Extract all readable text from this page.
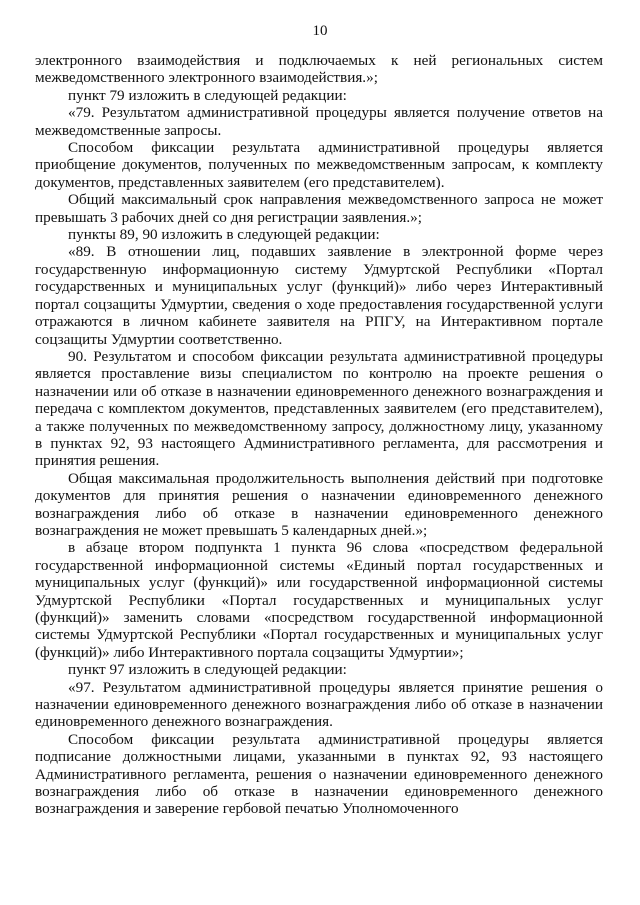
10

электронного взаимодействия и подключаемых к ней региональных систем межведомственного электронного взаимодействия.»;

пункт 79 изложить в следующей редакции:

«79. Результатом административной процедуры является получение ответов на межведомственные запросы.

Способом фиксации результата административной процедуры является приобщение документов, полученных по межведомственным запросам, к комплекту документов, представленных заявителем (его представителем).

Общий максимальный срок направления межведомственного запроса не может превышать 3 рабочих дней со дня регистрации заявления.»;

пункты 89, 90 изложить в следующей редакции:

«89. В отношении лиц, подавших заявление в электронной форме через государственную информационную систему Удмуртской Республики «Портал государственных и муниципальных услуг (функций)» либо через Интерактивный портал соцзащиты Удмуртии, сведения о ходе предоставления государственной услуги отражаются в личном кабинете заявителя на РПГУ, на Интерактивном портале соцзащиты Удмуртии соответственно.

90. Результатом и способом фиксации результата административной процедуры является проставление визы специалистом по контролю на проекте решения о назначении или об отказе в назначении единовременного денежного вознаграждения и передача с комплектом документов, представленных заявителем (его представителем), а также полученных по межведомственному запросу, должностному лицу, указанному в пунктах 92, 93 настоящего Административного регламента, для рассмотрения и принятия решения.

Общая максимальная продолжительность выполнения действий при подготовке документов для принятия решения о назначении единовременного денежного вознаграждения либо об отказе в назначении единовременного денежного вознаграждения не может превышать 5 календарных дней.»;

в абзаце втором подпункта 1 пункта 96 слова «посредством федеральной государственной информационной системы «Единый портал государственных и муниципальных услуг (функций)» или государственной информационной системы Удмуртской Республики «Портал государственных и муниципальных услуг (функций)» заменить словами «посредством государственной информационной системы Удмуртской Республики «Портал государственных и муниципальных услуг (функций)» либо Интерактивного портала соцзащиты Удмуртии»;

пункт 97 изложить в следующей редакции:

«97. Результатом административной процедуры является принятие решения о назначении единовременного денежного вознаграждения либо об отказе в назначении единовременного денежного вознаграждения.

Способом фиксации результата административной процедуры является подписание должностными лицами, указанными в пунктах 92, 93 настоящего Административного регламента, решения о назначении единовременного денежного вознаграждения либо об отказе в назначении единовременного денежного вознаграждения и заверение гербовой печатью Уполномоченного
